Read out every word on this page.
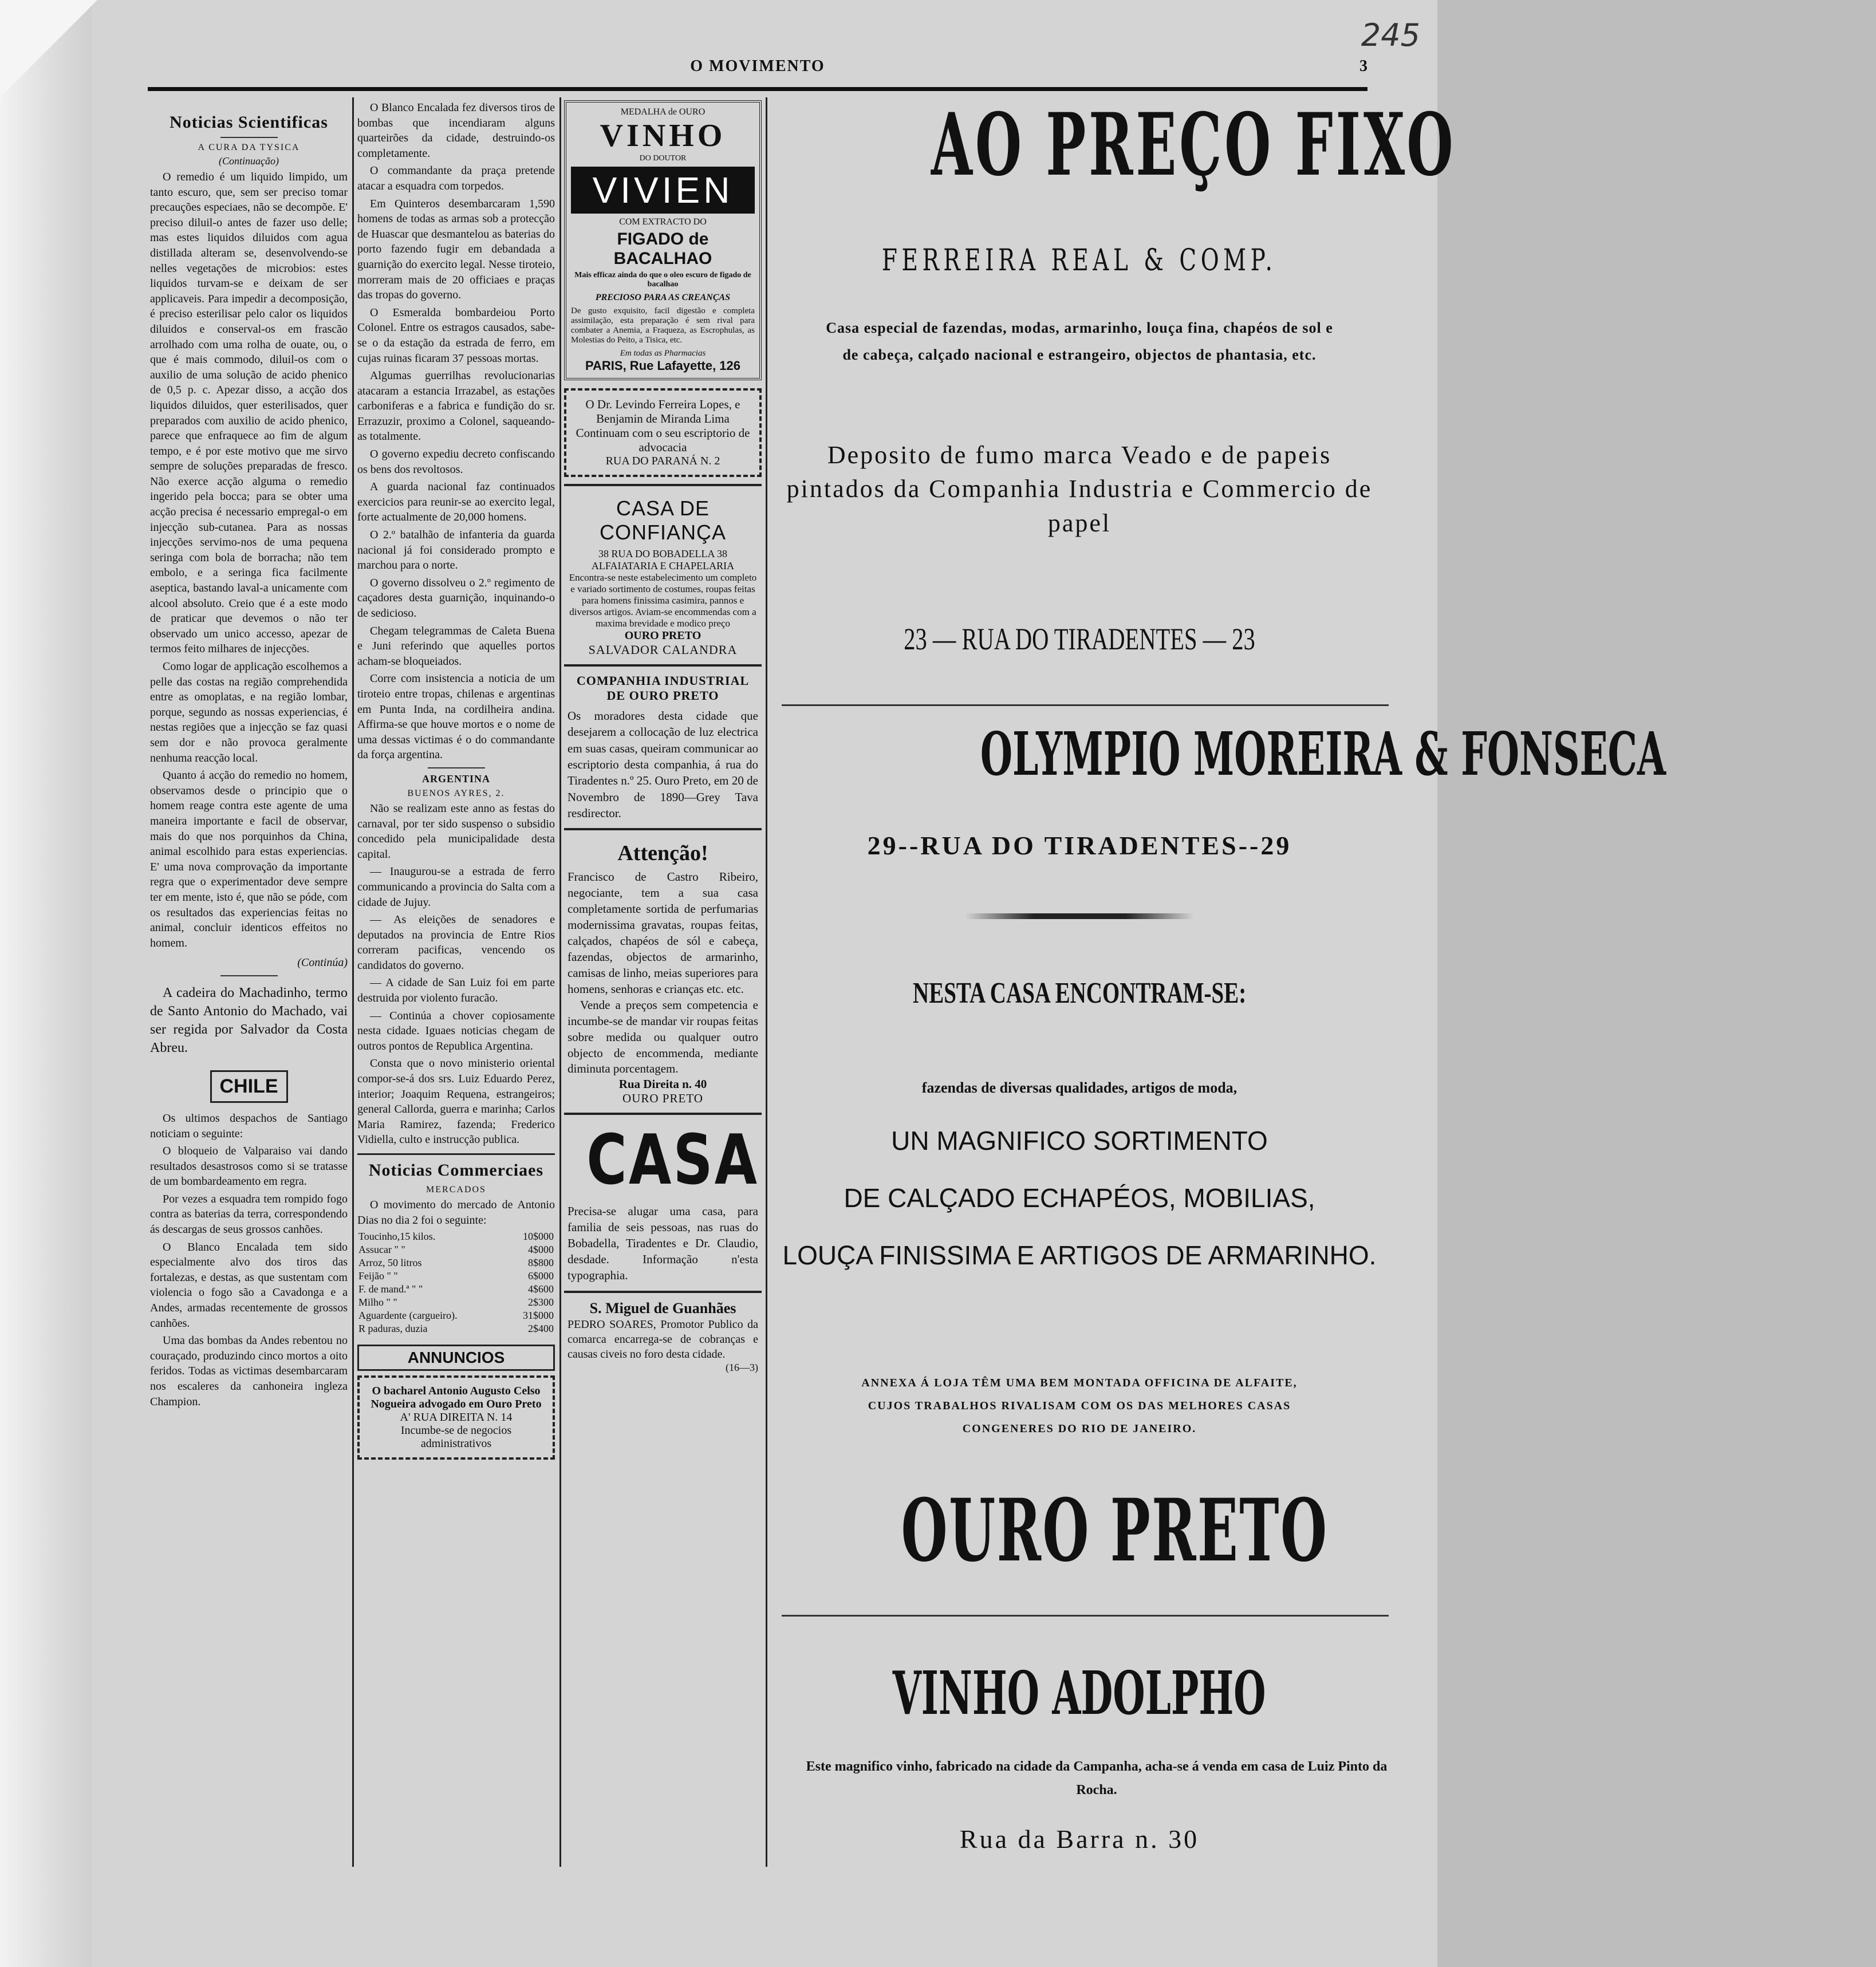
245
O MOVIMENTO	3
Noticias Scientificas
A CURA DA TYSICA
(Continuação)

O remedio é um liquido limpido, um tanto escuro, que, sem ser preciso tomar precauções especiaes, não se decompõe. E' preciso diluil-o antes de fazer uso delle; mas estes liquidos diluidos com agua distillada alteram se, desenvolvendo-se nelles vegetações de microbios: estes liquidos turvam-se e deixam de ser applicaveis. Para impedir a decomposição, é preciso esterilisar pelo calor os liquidos diluidos e conserval-os em frascão arrolhado com uma rolha de ouate, ou, o que é mais commodo, diluil-os com o auxilio de uma solução de acido phenico de 0,5 p. c. Apezar disso, a acção dos liquidos diluidos, quer esterilisados, quer preparados com auxilio de acido phenico, parece que enfraquece ao fim de algum tempo, e é por este motivo que me sirvo sempre de soluções preparadas de fresco. Não exerce acção alguma o remedio ingerido pela bocca; para se obter uma acção precisa é necessario empregal-o em injecção sub-cutanea. Para as nossas injecções servimo-nos de uma pequena seringa com bola de borracha; não tem embolo, e a seringa fica facilmente aseptica, bastando laval-a unicamente com alcool absoluto. Creio que é a este modo de praticar que devemos o não ter observado um unico accesso, apezar de termos feito milhares de injecções.

Como logar de applicação escolhemos a pelle das costas na região comprehendida entre as omoplatas, e na região lombar, porque, segundo as nossas experiencias, é nestas regiões que a injecção se faz quasi sem dor e não provoca geralmente nenhuma reacção local.

Quanto á acção do remedio no homem, observamos desde o principio que o homem reage contra este agente de uma maneira importante e facil de observar, mais do que nos porquinhos da China, animal escolhido para estas experiencias. E' uma nova comprovação da importante regra que o experimentador deve sempre ter em mente, isto é, que não se póde, com os resultados das experiencias feitas no animal, concluir identicos effeitos no homem.

(Continúa)

A cadeira do Machadinho, termo de Santo Antonio do Machado, vai ser regida por Salvador da Costa Abreu.

CHILE

Os ultimos despachos de Santiago noticiam o seguinte:

O bloqueio de Valparaiso vai dando resultados desastrosos como si se tratasse de um bombardeamento em regra.

Por vezes a esquadra tem rompido fogo contra as baterias da terra, correspondendo ás descargas de seus grossos canhões.

O Blanco Encalada tem sido especialmente alvo dos tiros das fortalezas, e destas, as que sustentam com violencia o fogo são a Cavadonga e a Andes, armadas recentemente de grossos canhões.

Uma das bombas da Andes rebentou no couraçado, produzindo cinco mortos a oito feridos. Todas as victimas desembarcaram nos escaleres da canhoneira ingleza Champion.

O Blanco Encalada fez diversos tiros de bombas que incendiaram alguns quarteirões da cidade, destruindo-os completamente.

O commandante da praça pretende atacar a esquadra com torpedos.

Em Quinteros desembarcaram 1,590 homens de todas as armas sob a protecção de Huascar que desmantelou as baterias do porto fazendo fugir em debandada a guarnição do exercito legal. Nesse tiroteio, morreram mais de 20 officiaes e praças das tropas do governo.

O Esmeralda bombardeiou Porto Colonel. Entre os estragos causados, sabe-se o da estação da estrada de ferro, em cujas ruinas ficaram 37 pessoas mortas.

Algumas guerrilhas revolucionarias atacaram a estancia Irrazabel, as estações carboniferas e a fabrica e fundição do sr. Errazuzir, proximo a Colonel, saqueando-as totalmente.

O governo expediu decreto confiscando os bens dos revoltosos.

A guarda nacional faz continuados exercicios para reunir-se ao exercito legal, forte actualmente de 20,000 homens.

O 2.º batalhão de infanteria da guarda nacional já foi considerado prompto e marchou para o norte.

O governo dissolveu o 2.º regimento de caçadores desta guarnição, inquinando-o de sedicioso.

Chegam telegrammas de Caleta Buena e Juni referindo que aquelles portos acham-se bloqueiados.

Corre com insistencia a noticia de um tiroteio entre tropas, chilenas e argentinas em Punta Inda, na cordilheira andina. Affirma-se que houve mortos e o nome de uma dessas victimas é o do commandante da força argentina.

ARGENTINA
BUENOS AYRES, 2.

Não se realizam este anno as festas do carnaval, por ter sido suspenso o subsidio concedido pela municipalidade desta capital.

— Inaugurou-se a estrada de ferro communicando a provincia do Salta com a cidade de Jujuy.

— As eleições de senadores e deputados na provincia de Entre Rios correram pacificas, vencendo os candidatos do governo.

— A cidade de San Luiz foi em parte destruida por violento furacão.

— Continúa a chover copiosamente nesta cidade. Iguaes noticias chegam de outros pontos de Republica Argentina.

Consta que o novo ministerio oriental compor-se-á dos srs. Luiz Eduardo Perez, interior; Joaquim Requena, estrangeiros; general Callorda, guerra e marinha; Carlos Maria Ramirez, fazenda; Frederico Vidiella, culto e instrucção publica.

Noticias Commerciaes
MERCADOS

O movimento do mercado de Antonio Dias no dia 2 foi o seguinte:

Toucinho,15 kilos.	10$000
Assucar " "	4$000
Arroz, 50 litros	8$800
Feijão " "	6$000
F. de mand.ª " "	4$600
Milho " "	2$300
Aguardente (cargueiro).	31$000
R paduras, duzia	2$400
ANNUNCIOS
O bacharel Antonio Augusto Celso Nogueira advogado em Ouro Preto
A' RUA DIREITA N. 14
Incumbe-se de negocios administrativos
MEDALHA de OURO
VINHO
DO DOUTOR
VIVIEN
COM EXTRACTO DO
FIGADO de BACALHAO
Mais efficaz ainda do que o oleo escuro de figado de bacalhao
PRECIOSO PARA AS CREANÇAS
De gusto exquisito, facil digestão e completa assimilação, esta preparação é sem rival para combater a Anemia, a Fraqueza, as Escrophulas, as Molestias do Peito, a Tisica, etc.
Em todas as Pharmacias
PARIS, Rue Lafayette, 126
O Dr. Levindo Ferreira Lopes, e Benjamin de Miranda Lima Continuam com o seu escriptorio de advocacia
RUA DO PARANÁ N. 2
CASA DE CONFIANÇA
38 RUA DO BOBADELLA 38
ALFAIATARIA E CHAPELARIA
Encontra-se neste estabelecimento um completo e variado sortimento de costumes, roupas feitas para homens finissima casimira, pannos e diversos artigos. Aviam-se encommendas com a maxima brevidade e modico preço
OURO PRETO
SALVADOR CALANDRA
COMPANHIA INDUSTRIAL DE OURO PRETO
Os moradores desta cidade que desejarem a collocação de luz electrica em suas casas, queiram communicar ao escriptorio desta companhia, á rua do Tiradentes n.º 25. Ouro Preto, em 20 de Novembro de 1890—Grey Tava resdirector.
Attenção!
Francisco de Castro Ribeiro, negociante, tem a sua casa completamente sortida de perfumarias modernissima gravatas, roupas feitas, calçados, chapéos de sól e cabeça, fazendas, objectos de armarinho, camisas de linho, meias superiores para homens, senhoras e crianças etc. etc.
Vende a preços sem competencia e incumbe-se de mandar vir roupas feitas sobre medida ou qualquer outro objecto de encommenda, mediante diminuta porcentagem.
Rua Direita n. 40
OURO PRETO
CASA
Precisa-se alugar uma casa, para familia de seis pessoas, nas ruas do Bobadella, Tiradentes e Dr. Claudio, desdade. Informação n'esta typographia.
S. Miguel de Guanhães
PEDRO SOARES, Promotor Publico da comarca encarrega-se de cobranças e causas civeis no foro desta cidade.
(16—3)
AO PREÇO FIXO
FERREIRA REAL & COMP.
Casa especial de fazendas, modas, armarinho, louça fina, chapéos de sol e de cabeça, calçado nacional e estrangeiro, objectos de phantasia, etc.
Deposito de fumo marca Veado e de papeis pintados da Companhia Industria e Commercio de papel
23 — RUA DO TIRADENTES — 23
OLYMPIO MOREIRA & FONSECA
29--RUA DO TIRADENTES--29
NESTA CASA ENCONTRAM-SE:
fazendas de diversas qualidades, artigos de moda,
UN MAGNIFICO SORTIMENTO
DE CALÇADO ECHAPÉOS, MOBILIAS,
LOUÇA FINISSIMA E ARTIGOS DE ARMARINHO.
ANNEXA Á LOJA TÊM UMA BEM MONTADA OFFICINA DE ALFAITE, CUJOS TRABALHOS RIVALISAM COM OS DAS MELHORES CASAS CONGENERES DO RIO DE JANEIRO.
OURO PRETO
VINHO ADOLPHO
Este magnifico vinho, fabricado na cidade da Campanha, acha-se á venda em casa de Luiz Pinto da Rocha.
Rua da Barra n. 30
